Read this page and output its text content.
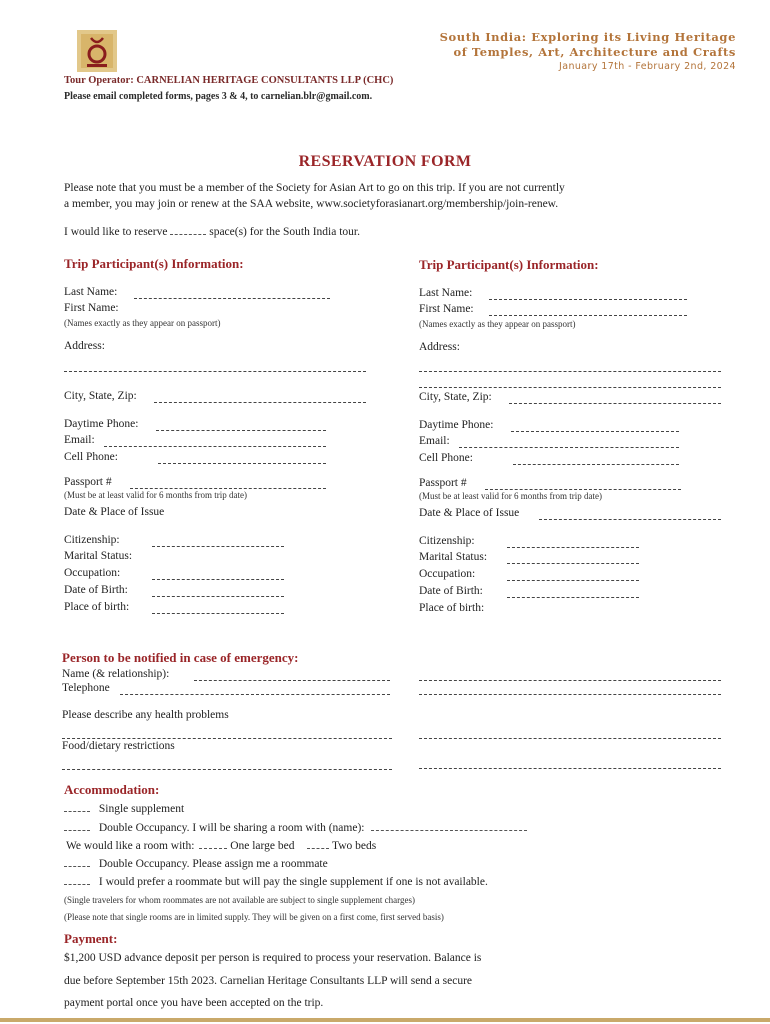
South India: Exploring its Living Heritage
of Temples, Art, Architecture and Crafts
January 17th - February 2nd, 2024
Tour Operator: CARNELIAN HERITAGE CONSULTANTS LLP (CHC)
Please email completed forms, pages 3 & 4, to carnelian.blr@gmail.com.
RESERVATION FORM
Please note that you must be a member of the Society for Asian Art to go on this trip. If you are not currently
a member, you may join or renew at the SAA website, www.societyforasianart.org/membership/join-renew.
I would like to reserve	space(s) for the South India tour.
Trip Participant(s) Information:
Last Name:
First Name:
(Names exactly as they appear on passport)
Address:
City, State, Zip:
Daytime Phone:
Email:
Cell Phone:
Passport #
(Must be at least valid for 6 months from trip date)
Date & Place of Issue
Citizenship:
Marital Status:
Occupation:
Date of Birth:
Place of birth:
Trip Participant(s) Information:
Last Name:
First Name:
(Names exactly as they appear on passport)
Address:
City, State, Zip:
Daytime Phone:
Email:
Cell Phone:
Passport #
(Must be at least valid for 6 months from trip date)
Date & Place of Issue
Citizenship:
Marital Status:
Occupation:
Date of Birth:
Place of birth:
Person to be notified in case of emergency:
Name (& relationship):
Telephone
Please describe any health problems
Food/dietary restrictions
Accommodation:
Single supplement
Double Occupancy. I will be sharing a room with (name):
We would like a room with:	One large bed	Two beds
Double Occupancy. Please assign me a roommate
I would prefer a roommate but will pay the single supplement if one is not available.
(Single travelers for whom roommates are not available are subject to single supplement charges)
(Please note that single rooms are in limited supply. They will be given on a first come, first served basis)
Payment:
$1,200 USD advance deposit per person is required to process your reservation. Balance is
due before September 15th 2023. Carnelian Heritage Consultants LLP will send a secure
payment portal once you have been accepted on the trip.
